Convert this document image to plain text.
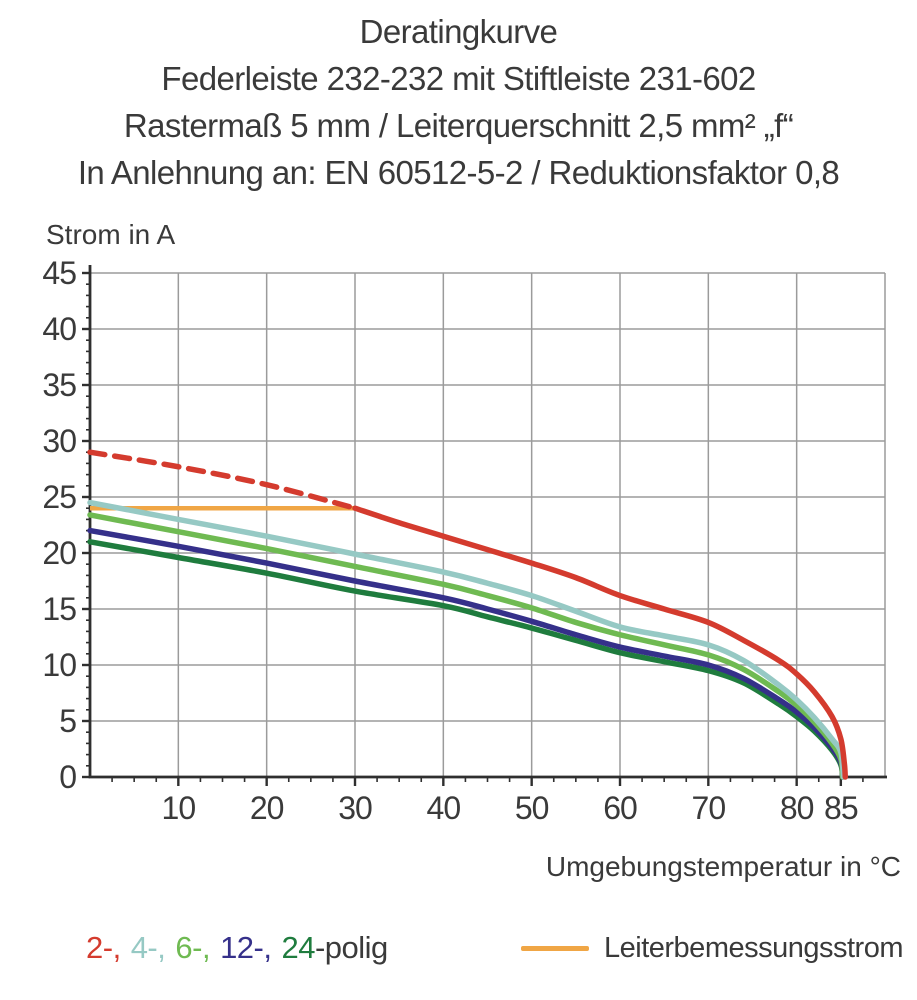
Deratingkurve
Federleiste 232-232 mit Stiftleiste 231-602
Rastermaß 5 mm / Leiterquerschnitt 2,5 mm² „f“
In Anlehnung an: EN 60512-5-2 / Reduktionsfaktor 0,8
0
5
10
15
20
25
30
35
40
45
10 20 30 40 50 60 70 80 85
Strom in A
Umgebungstemperatur in °C
2-, 4-, 6-, 12-, 24 -polig	Leiterbemessungsstrom
